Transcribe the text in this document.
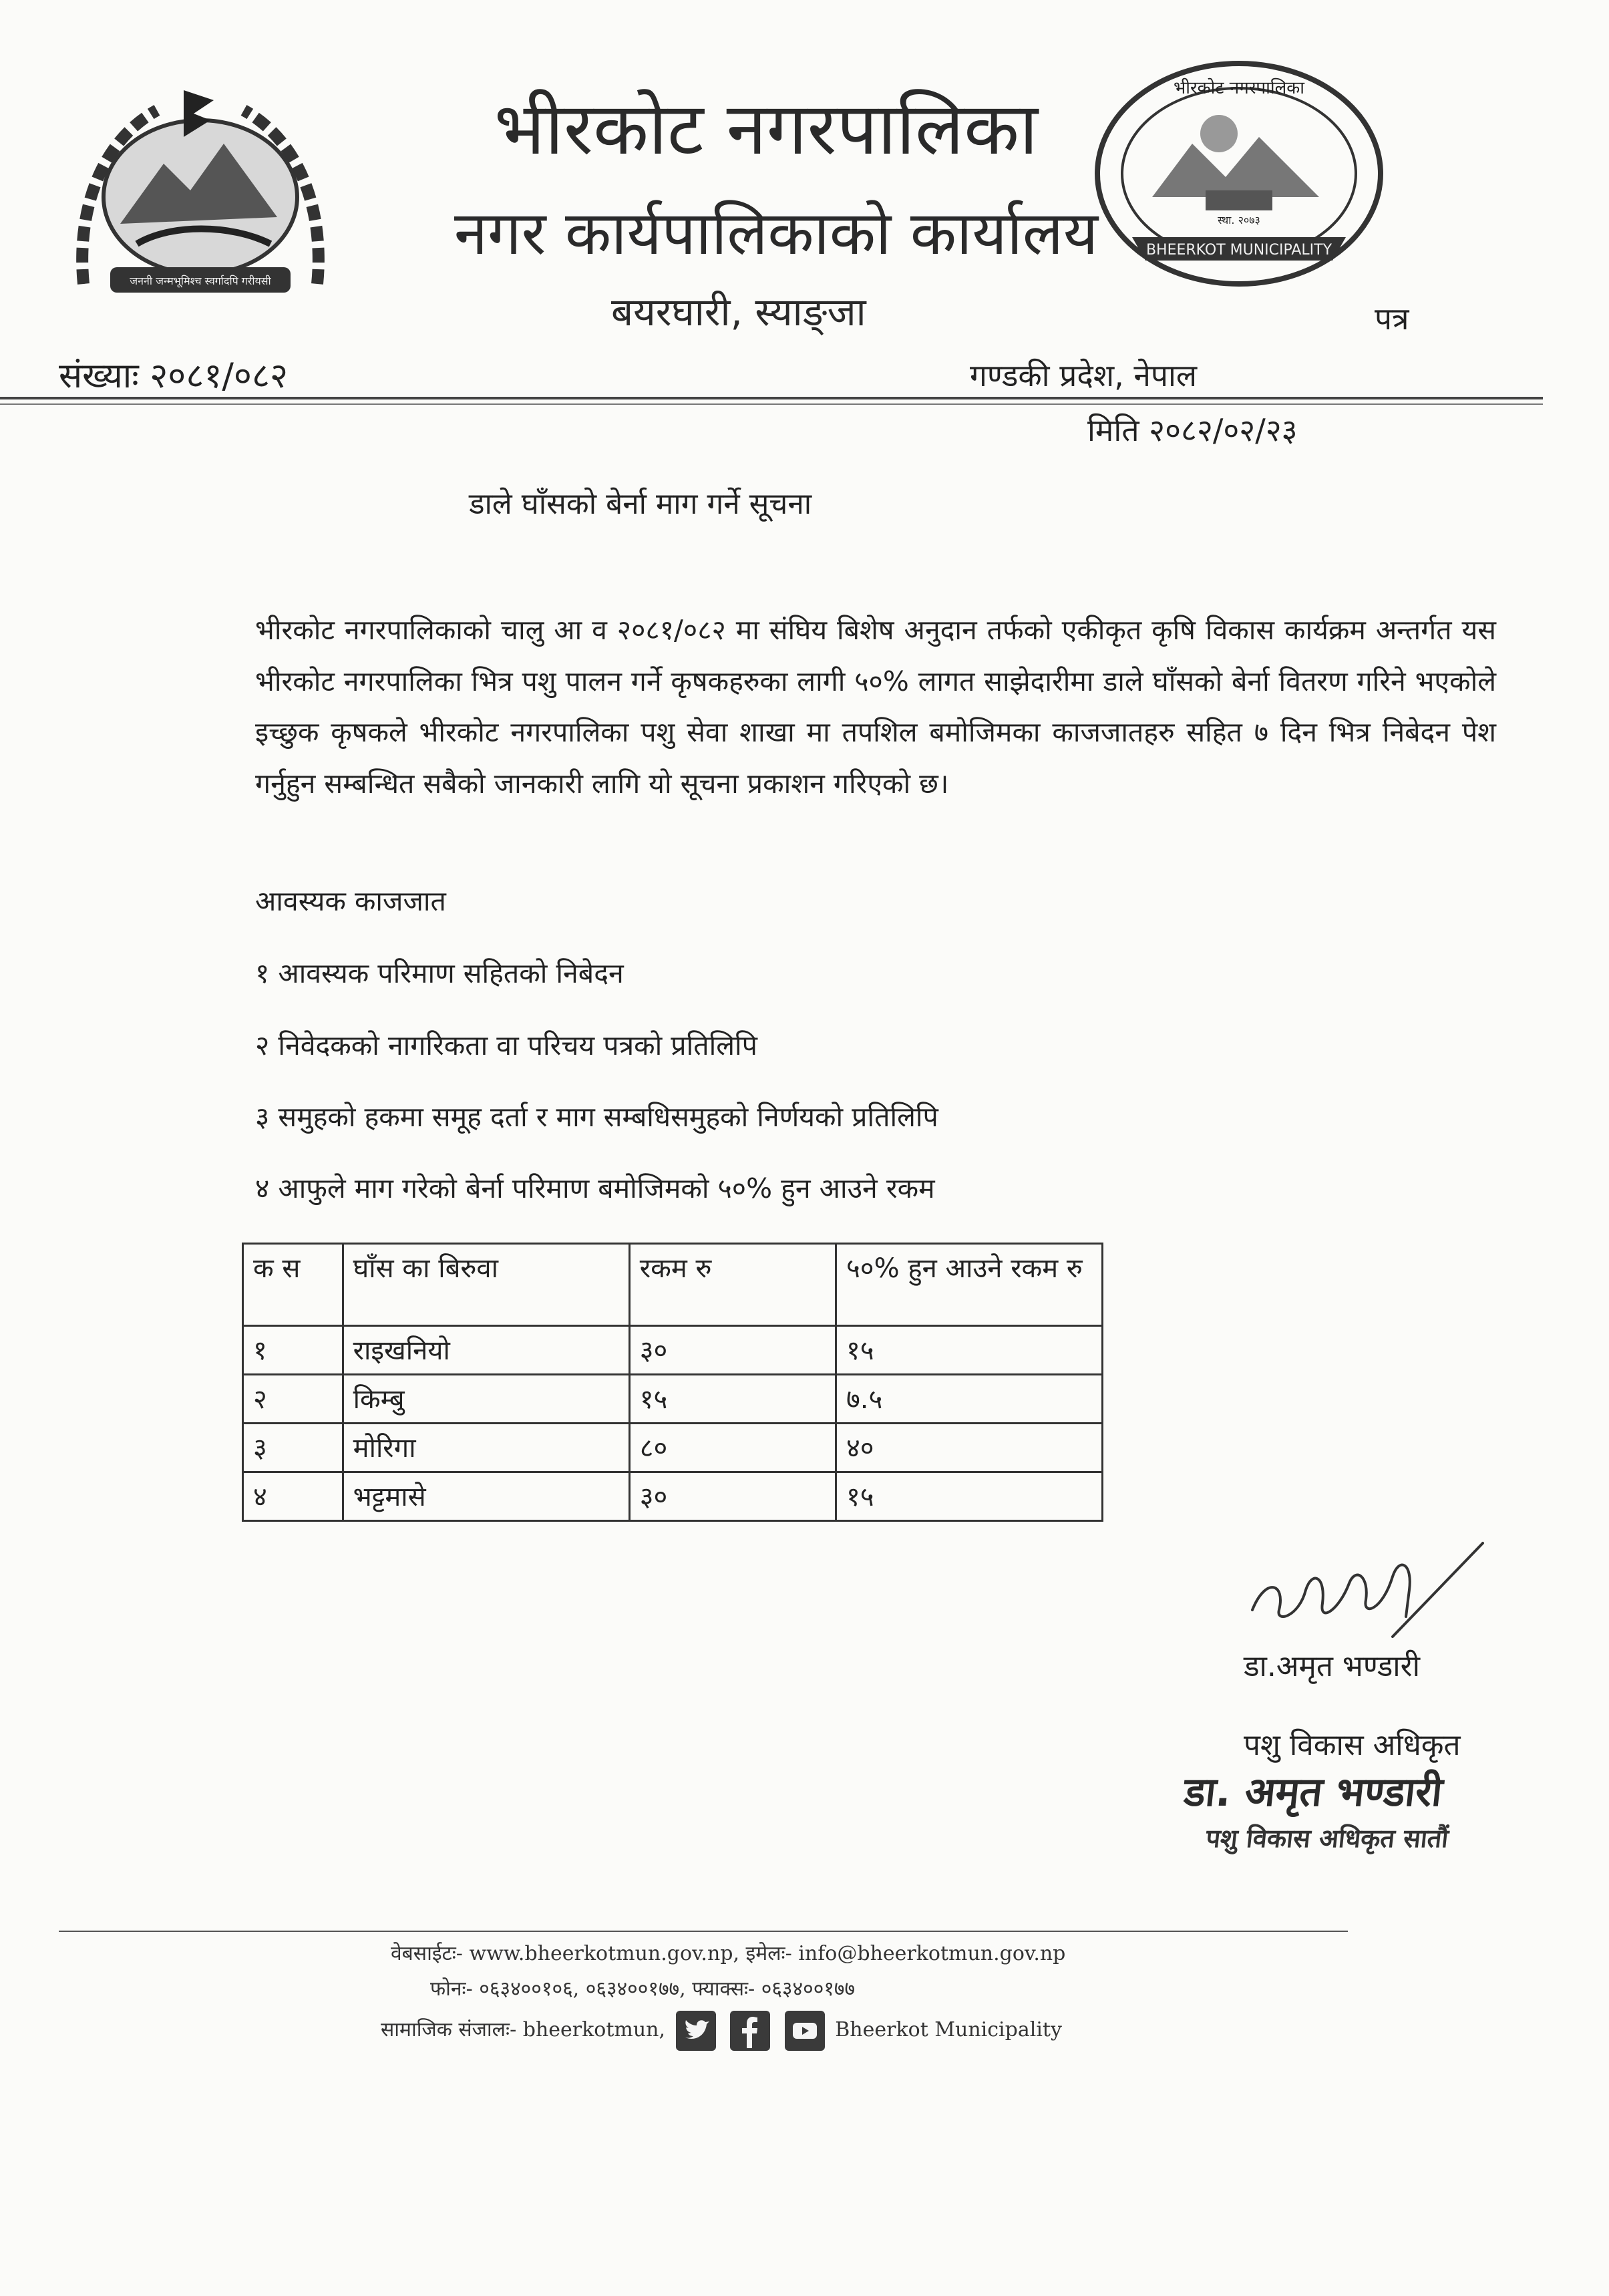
जननी जन्मभूमिश्च स्वर्गादपि गरीयसी
भीरकोट नगरपालिका
स्था. २०७३
BHEERKOT MUNICIPALITY
भीरकोट नगरपालिका
नगर कार्यपालिकाको कार्यालय
बयरघारी, स्याङ्जा	पत्र
संख्याः २०८१/०८२	गण्डकी प्रदेश, नेपाल
मिति २०८२/०२/२३
डाले घाँसको बेर्ना माग गर्ने सूचना
भीरकोट नगरपालिकाको चालु आ व २०८१/०८२ मा संघिय बिशेष अनुदान तर्फको एकीकृत कृषि विकास कार्यक्रम अन्तर्गत यस भीरकोट नगरपालिका भित्र पशु पालन गर्ने कृषकहरुका लागी ५०% लागत साझेदारीमा डाले घाँसको बेर्ना वितरण गरिने भएकोले इच्छुक कृषकले भीरकोट नगरपालिका पशु सेवा शाखा मा तपशिल बमोजिमका काजजातहरु सहित ७ दिन भित्र निबेदन पेश गर्नुहुन सम्बन्धित सबैको जानकारी लागि यो सूचना प्रकाशन गरिएको छ।
आवस्यक काजजात
१ आवस्यक परिमाण सहितको निबेदन
२ निवेदकको नागरिकता वा परिचय पत्रको प्रतिलिपि
३ समुहको हकमा समूह दर्ता र माग सम्बधिसमुहको निर्णयको प्रतिलिपि
४ आफुले माग गरेको बेर्ना परिमाण बमोजिमको ५०% हुन आउने रकम
क स	घाँस का बिरुवा	रकम रु	५०% हुन आउने रकम रु
१	राइखनियो	३०	१५
२	किम्बु	१५	७.५
३	मोरिगा	८०	४०
४	भट्टमासे	३०	१५
डा.अमृत भण्डारी
पशु विकास अधिकृत
डा. अमृत भण्डारी
पशु विकास अधिकृत सातौं
वेबसाईटः- www.bheerkotmun.gov.np, इमेलः- info@bheerkotmun.gov.np
फोनः- ०६३४००१०६, ०६३४००१७७, फ्याक्सः- ०६३४००१७७
सामाजिक संजालः- bheerkotmun,	Bheerkot Municipality
